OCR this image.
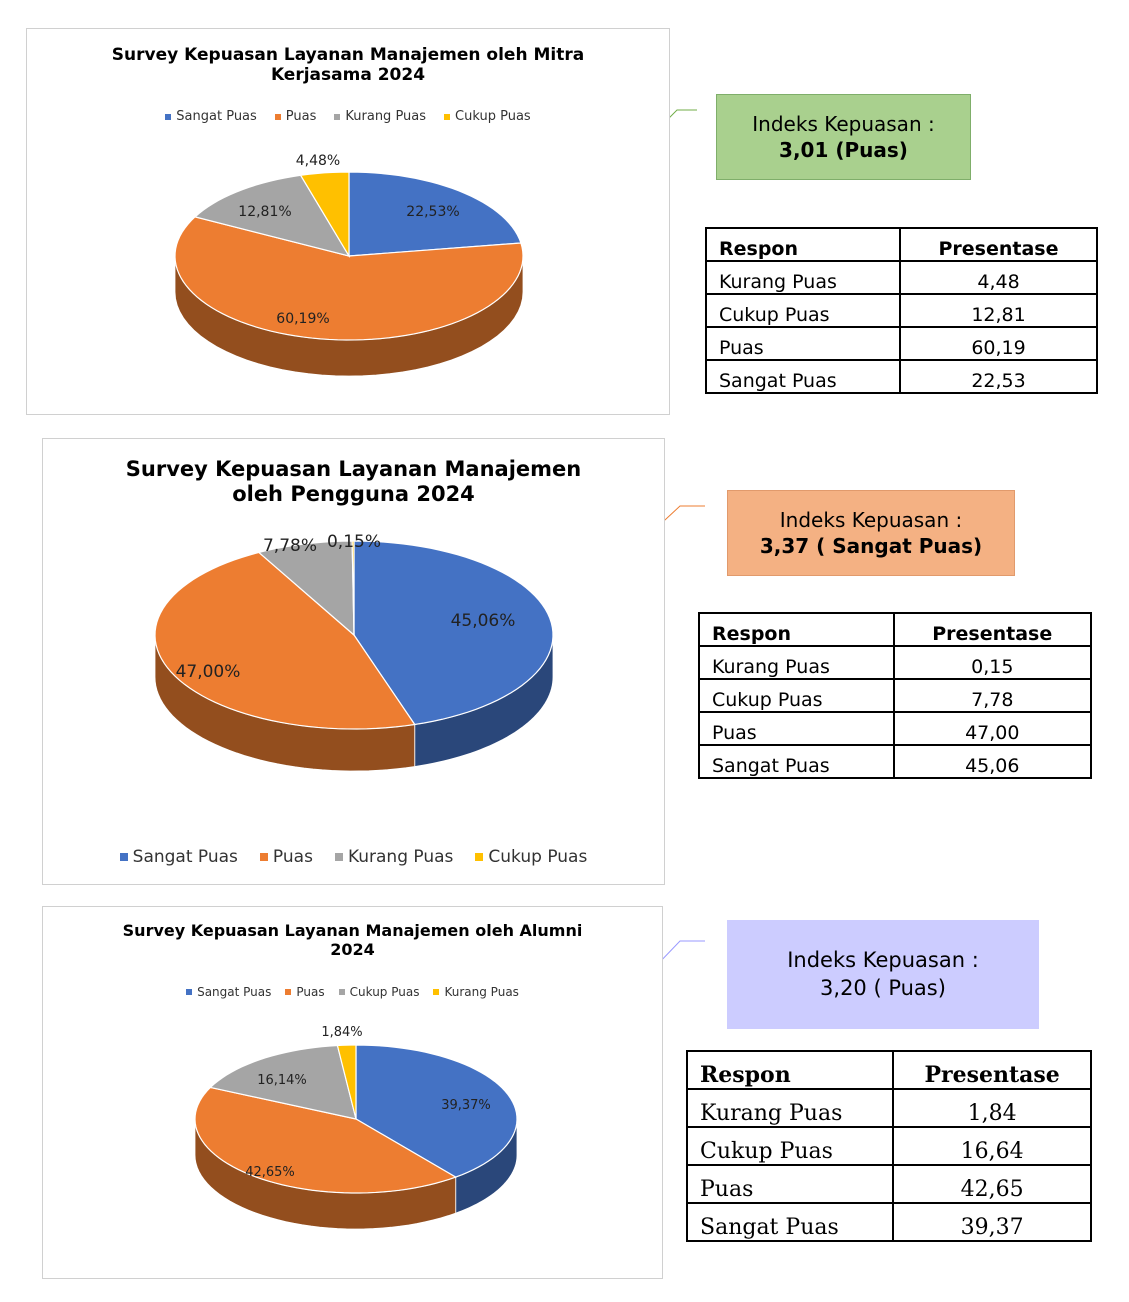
Survey Kepuasan Layanan Manajemen oleh Mitra
Kerjasama 2024
Sangat Puas Puas Kurang Puas Cukup Puas
22,53%
60,19%
12,81%
4,48%
Indeks Kepuasan :
3,01 (Puas)
Respon	Presentase
Kurang Puas	4,48
Cukup Puas	12,81
Puas	60,19
Sangat Puas	22,53
Survey Kepuasan Layanan Manajemen
oleh Pengguna 2024
45,06%
47,00%
7,78% 0,15%
Sangat Puas Puas Kurang Puas Cukup Puas
Indeks Kepuasan :
3,37 ( Sangat Puas)
Respon	Presentase
Kurang Puas	0,15
Cukup Puas	7,78
Puas	47,00
Sangat Puas	45,06
Survey Kepuasan Layanan Manajemen oleh Alumni
2024
Sangat Puas Puas Cukup Puas Kurang Puas
39,37%
42,65%
16,14%
1,84%
Indeks Kepuasan :
3,20 ( Puas)
Respon	Presentase
Kurang Puas	1,84
Cukup Puas	16,64
Puas	42,65
Sangat Puas	39,37
